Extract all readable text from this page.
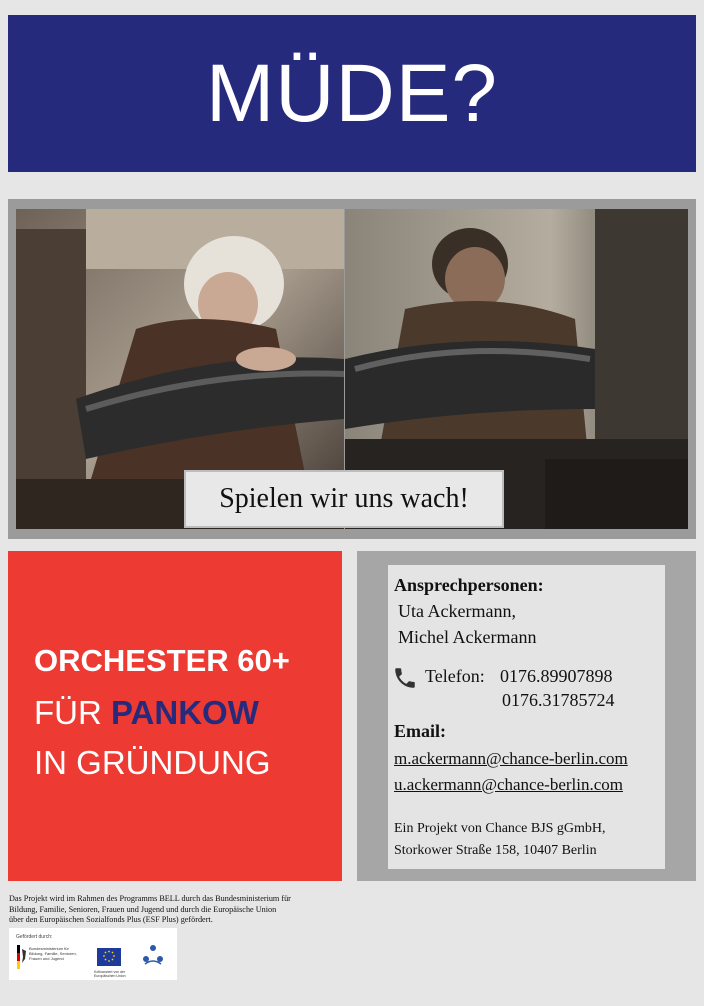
MÜDE?
Spielen wir uns wach!
ORCHESTER 60+
FÜR PANKOW
IN GRÜNDUNG
Ansprechpersonen:
Uta Ackermann,
Michel Ackermann
Telefon: 0176.89907898
0176.31785724
Email:
m.ackermann@chance-berlin.com
u.ackermann@chance-berlin.com
Ein Projekt von Chance BJS gGmbH,
Storkower Straße 158, 10407 Berlin
Das Projekt wird im Rahmen des Programms BELL durch das Bundesministerium für
Bildung, Familie, Senioren, Frauen und Jugend und durch die Europäische Union
über den Europäischen Sozialfonds Plus (ESF Plus) gefördert.
Gefördert durch:
Bundesministerium für Bildung, Familie, Senioren, Frauen und Jugend
Kofinanziert von der Europäischen Union
